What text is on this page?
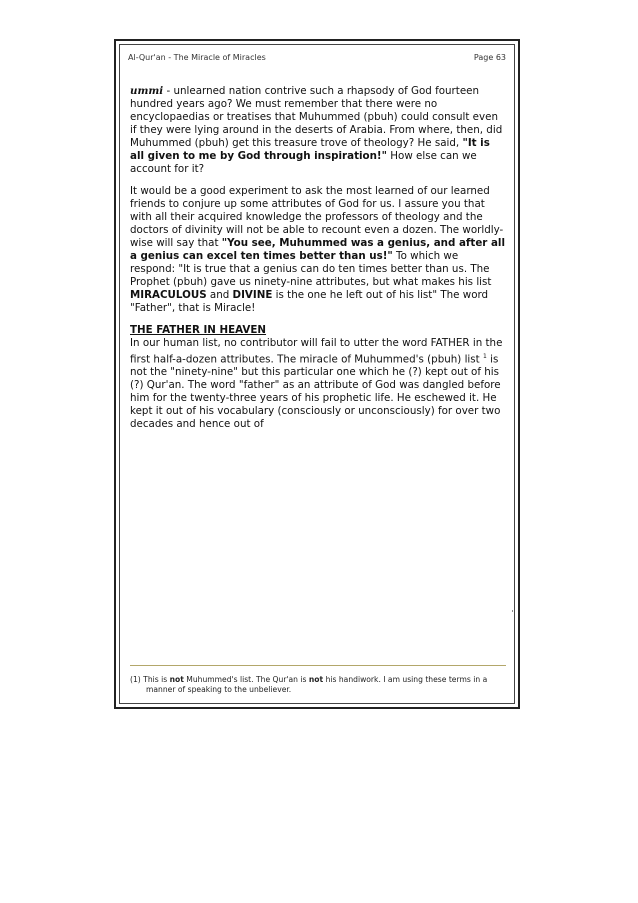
Al-Qur'an - The Miracle of Miracles	Page 63

ummi - unlearned nation contrive such a rhapsody of God fourteen hundred years ago? We must remember that there were no encyclopaedias or treatises that Muhummed (pbuh) could consult even if they were lying around in the deserts of Arabia. From where, then, did Muhummed (pbuh) get this treasure trove of theology? He said, "It is all given to me by God through inspiration!" How else can we account for it?

It would be a good experiment to ask the most learned of our learned friends to conjure up some attributes of God for us. I assure you that with all their acquired knowledge the professors of theology and the doctors of divinity will not be able to recount even a dozen. The worldly-wise will say that "You see, Muhummed was a genius, and after all a genius can excel ten times better than us!" To which we respond: "It is true that a genius can do ten times better than us. The Prophet (pbuh) gave us ninety-nine attributes, but what makes his list MIRACULOUS and DIVINE is the one he left out of his list" The word "Father", that is Miracle!

THE FATHER IN HEAVEN
In our human list, no contributor will fail to utter the word FATHER in the first half-a-dozen attributes. The miracle of Muhummed's (pbuh) list $^1$ is not the "ninety-nine" but this particular one which he (?) kept out of his (?) Qur'an. The word "father" as an attribute of God was dangled before him for the twenty-three years of his prophetic life. He eschewed it. He kept it out of his vocabulary (consciously or unconsciously) for over two decades and hence out of

(1) This is not Muhummed's list. The Qur'an is not his handiwork. I am using these terms in a
manner of speaking to the unbeliever.
